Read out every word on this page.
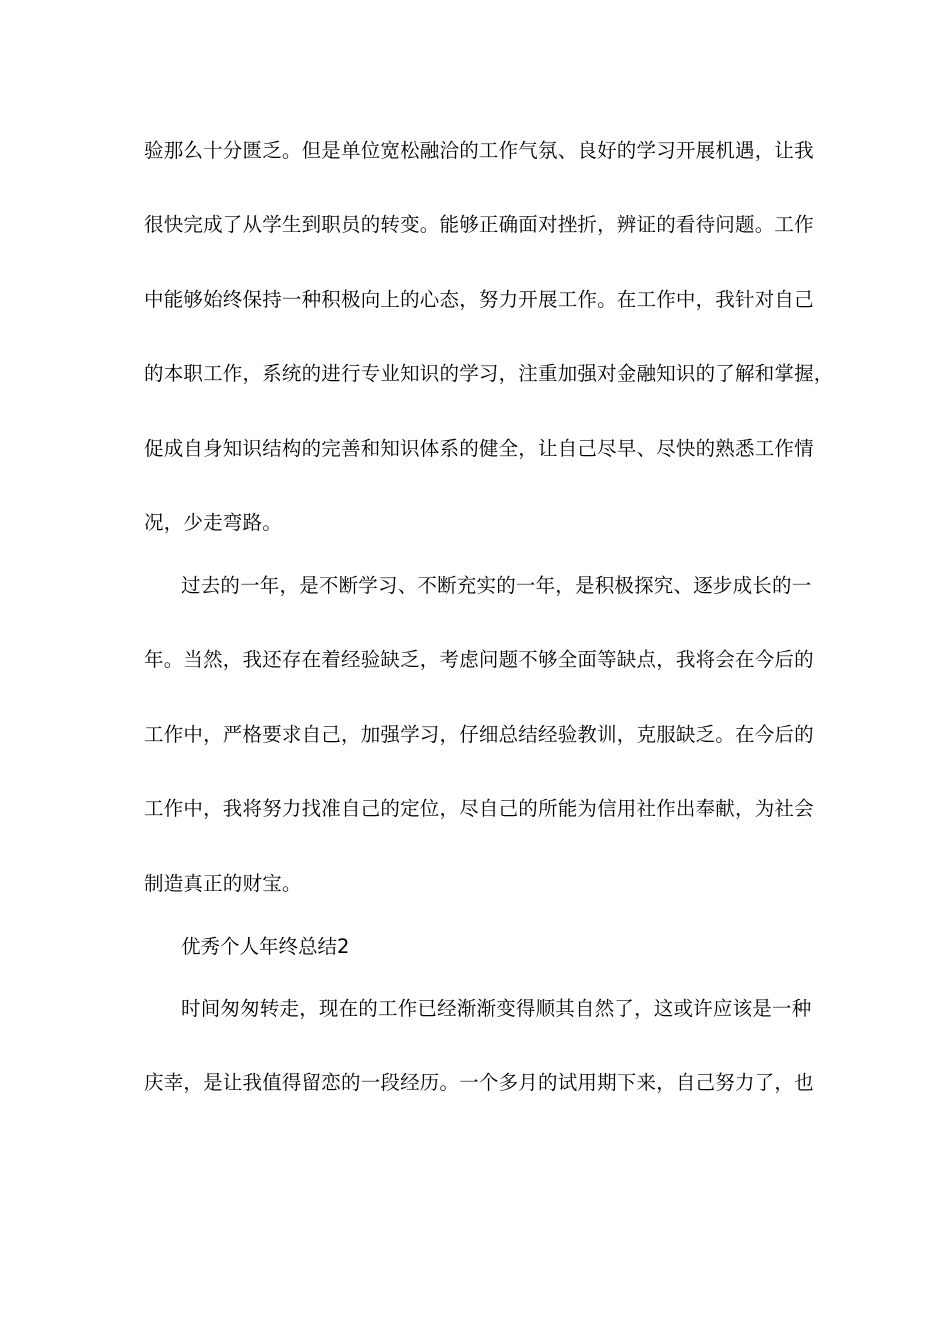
验那么十分匮乏。但是单位宽松融洽的工作气氛、良好的学习开展机遇，让我
很快完成了从学生到职员的转变。能够正确面对挫折，辨证的看待问题。工作
中能够始终保持一种积极向上的心态，努力开展工作。在工作中，我针对自己
的本职工作，系统的进行专业知识的学习，注重加强对金融知识的了解和掌握，
促成自身知识结构的完善和知识体系的健全，让自己尽早、尽快的熟悉工作情
况，少走弯路。
过去的一年，是不断学习、不断充实的一年，是积极探究、逐步成长的一
年。当然，我还存在着经验缺乏，考虑问题不够全面等缺点，我将会在今后的
工作中，严格要求自己，加强学习，仔细总结经验教训，克服缺乏。在今后的
工作中，我将努力找准自己的定位，尽自己的所能为信用社作出奉献，为社会
制造真正的财宝。
优秀个人年终总结2
时间匆匆转走，现在的工作已经渐渐变得顺其自然了，这或许应该是一种
庆幸，是让我值得留恋的一段经历。一个多月的试用期下来，自己努力了，也
